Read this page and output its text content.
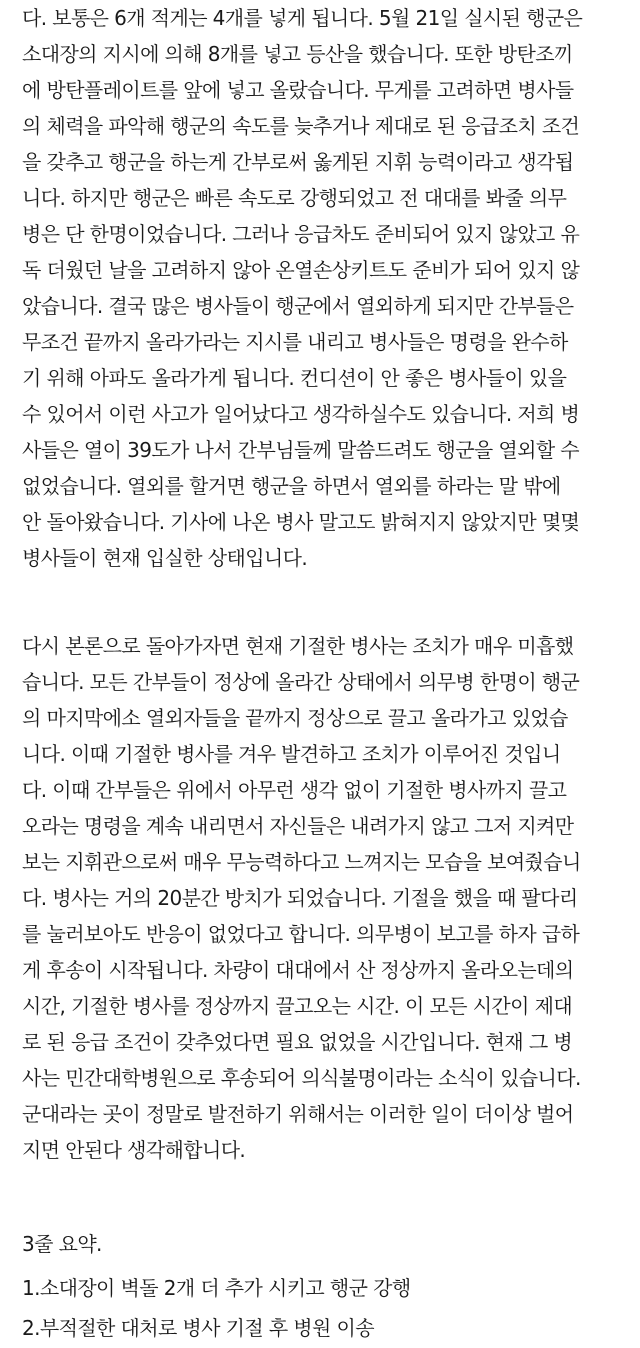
다. 보통은 6개 적게는 4개를 넣게 됩니다. 5월 21일 실시된 행군은
소대장의 지시에 의해 8개를 넣고 등산을 했습니다. 또한 방탄조끼
에 방탄플레이트를 앞에 넣고 올랐습니다. 무게를 고려하면 병사들
의 체력을 파악해 행군의 속도를 늦추거나 제대로 된 응급조치 조건
을 갖추고 행군을 하는게 간부로써 옳게된 지휘 능력이라고 생각됩
니다. 하지만 행군은 빠른 속도로 강행되었고 전 대대를 봐줄 의무
병은 단 한명이었습니다. 그러나 응급차도 준비되어 있지 않았고 유
독 더웠던 날을 고려하지 않아 온열손상키트도 준비가 되어 있지 않
았습니다. 결국 많은 병사들이 행군에서 열외하게 되지만 간부들은
무조건 끝까지 올라가라는 지시를 내리고 병사들은 명령을 완수하
기 위해 아파도 올라가게 됩니다. 컨디션이 안 좋은 병사들이 있을
수 있어서 이런 사고가 일어났다고 생각하실수도 있습니다. 저희 병
사들은 열이 39도가 나서 간부님들께 말씀드려도 행군을 열외할 수
없었습니다. 열외를 할거면 행군을 하면서 열외를 하라는 말 밖에
안 돌아왔습니다. 기사에 나온 병사 말고도 밝혀지지 않았지만 몇몇
병사들이 현재 입실한 상태입니다.
다시 본론으로 돌아가자면 현재 기절한 병사는 조치가 매우 미흡했
습니다. 모든 간부들이 정상에 올라간 상태에서 의무병 한명이 행군
의 마지막에소 열외자들을 끝까지 정상으로 끌고 올라가고 있었습
니다. 이때 기절한 병사를 겨우 발견하고 조치가 이루어진 것입니
다. 이때 간부들은 위에서 아무런 생각 없이 기절한 병사까지 끌고
오라는 명령을 계속 내리면서 자신들은 내려가지 않고 그저 지켜만
보는 지휘관으로써 매우 무능력하다고 느껴지는 모습을 보여줬습니
다. 병사는 거의 20분간 방치가 되었습니다. 기절을 했을 때 팔다리
를 눌러보아도 반응이 없었다고 합니다. 의무병이 보고를 하자 급하
게 후송이 시작됩니다. 차량이 대대에서 산 정상까지 올라오는데의
시간, 기절한 병사를 정상까지 끌고오는 시간. 이 모든 시간이 제대
로 된 응급 조건이 갖추었다면 필요 없었을 시간입니다. 현재 그 병
사는 민간대학병원으로 후송되어 의식불명이라는 소식이 있습니다.
군대라는 곳이 정말로 발전하기 위해서는 이러한 일이 더이상 벌어
지면 안된다 생각해합니다.
3줄 요약.
1.소대장이 벽돌 2개 더 추가 시키고 행군 강행
2.부적절한 대처로 병사 기절 후 병원 이송
